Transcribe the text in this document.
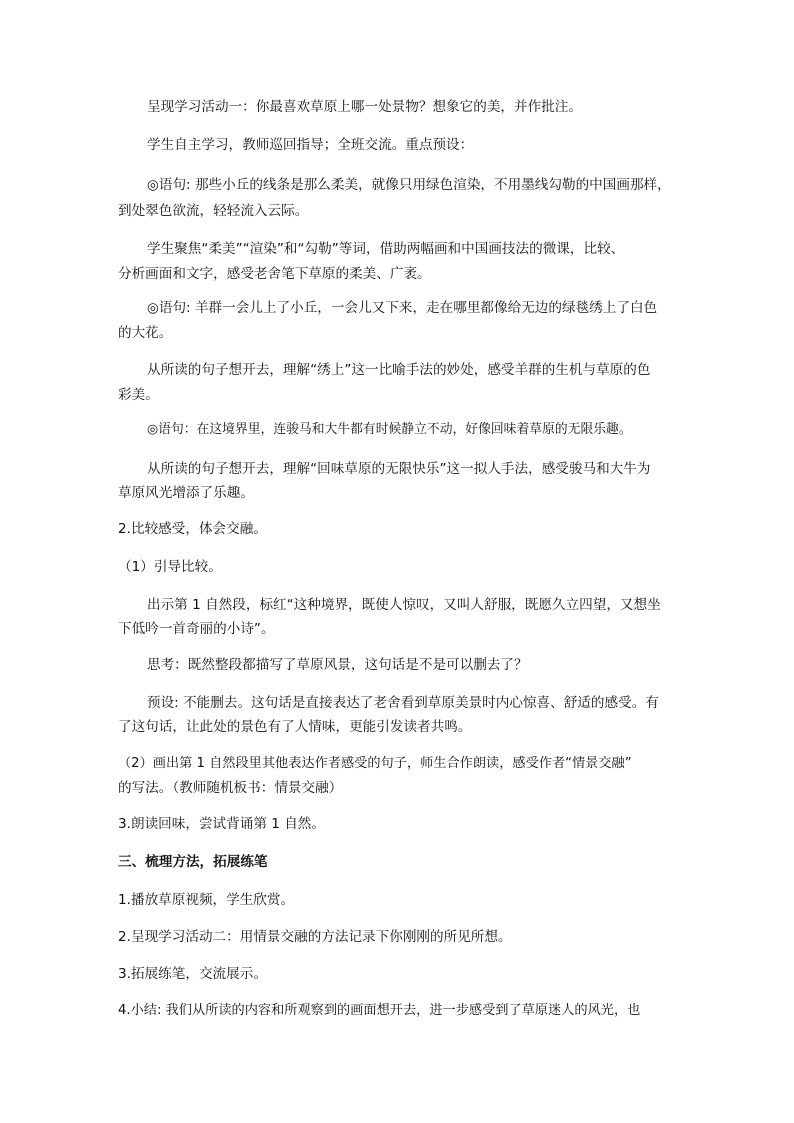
呈现学习活动一：你最喜欢草原上哪一处景物？想象它的美，并作批注。

学生自主学习，教师巡回指导；全班交流。重点预设：

◎语句: 那些小丘的线条是那么柔美，就像只用绿色渲染，不用墨线勾勒的中国画那样，
到处翠色欲流，轻轻流入云际。
学生聚焦“柔美”“渲染”和“勾勒”等词，借助两幅画和中国画技法的微课，比较、
分析画面和文字，感受老舍笔下草原的柔美、广袤。
◎语句: 羊群一会儿上了小丘，一会儿又下来，走在哪里都像给无边的绿毯绣上了白色
的大花。
从所读的句子想开去，理解“绣上”这一比喻手法的妙处，感受羊群的生机与草原的色
彩美。

◎语句：在这境界里，连骏马和大牛都有时候静立不动，好像回味着草原的无限乐趣。

从所读的句子想开去，理解“回味草原的无限快乐”这一拟人手法，感受骏马和大牛为
草原风光增添了乐趣。

2.比较感受，体会交融。

（1）引导比较。

出示第 1 自然段，标红“这种境界，既使人惊叹，又叫人舒服，既愿久立四望，又想坐
下低吟一首奇丽的小诗”。

思考：既然整段都描写了草原风景，这句话是不是可以删去了？

预设: 不能删去。这句话是直接表达了老舍看到草原美景时内心惊喜、舒适的感受。有
了这句话，让此处的景色有了人情味，更能引发读者共鸣。
（2）画出第 1 自然段里其他表达作者感受的句子，师生合作朗读，感受作者“情景交融”
的写法。（教师随机板书：情景交融）

3.朗读回味，尝试背诵第 1 自然。

三、梳理方法，拓展练笔

1.播放草原视频，学生欣赏。

2.呈现学习活动二：用情景交融的方法记录下你刚刚的所见所想。

3.拓展练笔，交流展示。

4.小结: 我们从所读的内容和所观察到的画面想开去，进一步感受到了草原迷人的风光，也
